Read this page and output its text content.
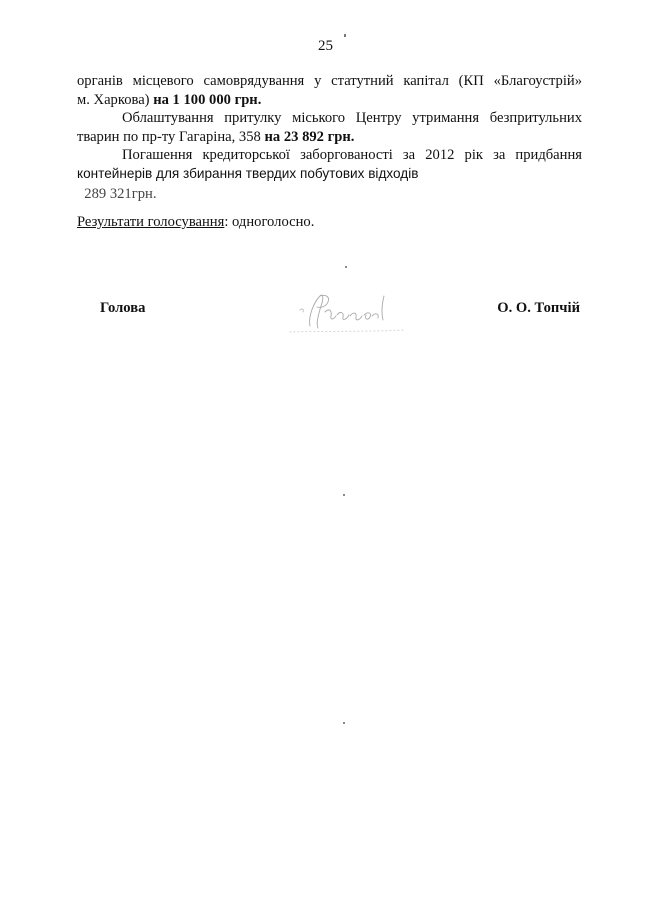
25

органів місцевого самоврядування у статутний капітал (КП «Благоустрій»
м. Харкова) на 1 100 000 грн.

Облаштування притулку міського Центру утримання безпритульних
тварин по пр-ту Гагаріна, 358 на 23 892 грн.

Погашення кредиторської заборгованості за 2012 рік за придбання
контейнерів для збирання твердих побутових відходів
289 321грн.

Результати голосування: одноголосно.
Голова	О. О. Топчій
